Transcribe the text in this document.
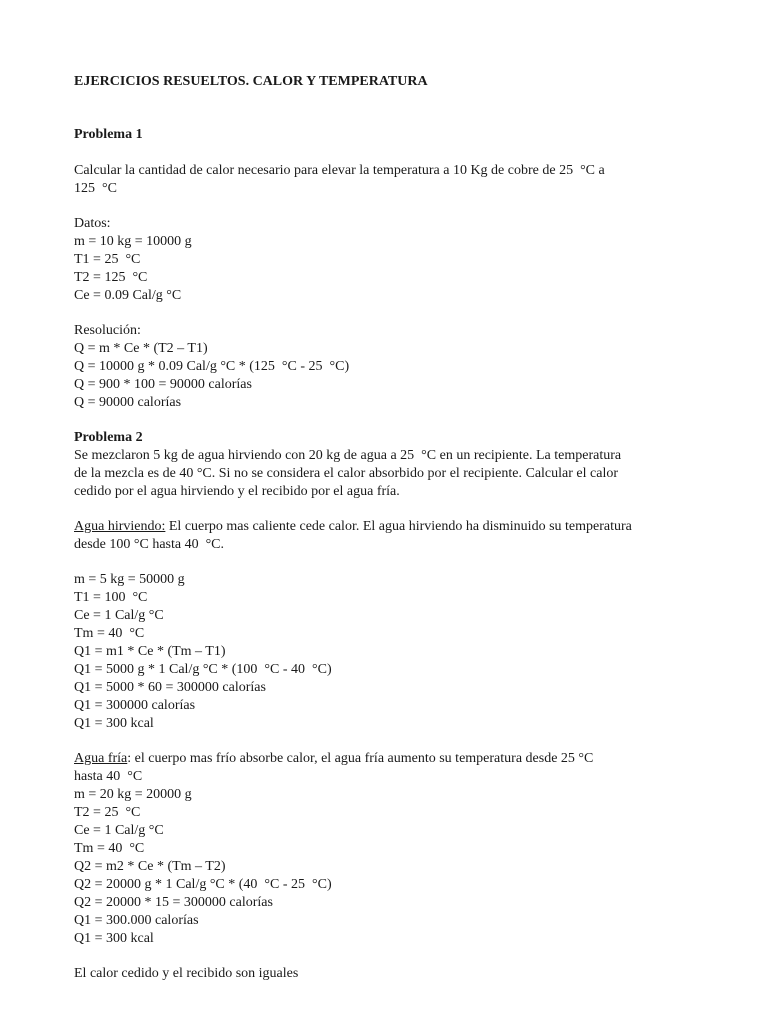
EJERCICIOS RESUELTOS. CALOR Y TEMPERATURA
Problema 1
Calcular la cantidad de calor necesario para elevar la temperatura a 10 Kg de cobre de 25  °C a
125  °C
Datos:
m = 10 kg = 10000 g
T1 = 25  °C
T2 = 125  °C
Ce = 0.09 Cal/g °C
Resolución:
Q = m * Ce * (T2 – T1)
Q = 10000 g * 0.09 Cal/g °C * (125  °C - 25  °C)
Q = 900 * 100 = 90000 calorías
Q = 90000 calorías
Problema 2
Se mezclaron 5 kg de agua hirviendo con 20 kg de agua a 25  °C en un recipiente. La temperatura
de la mezcla es de 40 °C. Si no se considera el calor absorbido por el recipiente. Calcular el calor
cedido por el agua hirviendo y el recibido por el agua fría.
Agua hirviendo: El cuerpo mas caliente cede calor. El agua hirviendo ha disminuido su temperatura
desde 100 °C hasta 40  °C.
m = 5 kg = 50000 g
T1 = 100  °C
Ce = 1 Cal/g °C
Tm = 40  °C
Q1 = m1 * Ce * (Tm – T1)
Q1 = 5000 g * 1 Cal/g °C * (100  °C - 40  °C)
Q1 = 5000 * 60 = 300000 calorías
Q1 = 300000 calorías
Q1 = 300 kcal
Agua fría: el cuerpo mas frío absorbe calor, el agua fría aumento su temperatura desde 25 °C
hasta 40  °C
m = 20 kg = 20000 g
T2 = 25  °C
Ce = 1 Cal/g °C
Tm = 40  °C
Q2 = m2 * Ce * (Tm – T2)
Q2 = 20000 g * 1 Cal/g °C * (40  °C - 25  °C)
Q2 = 20000 * 15 = 300000 calorías
Q1 = 300.000 calorías
Q1 = 300 kcal
El calor cedido y el recibido son iguales
